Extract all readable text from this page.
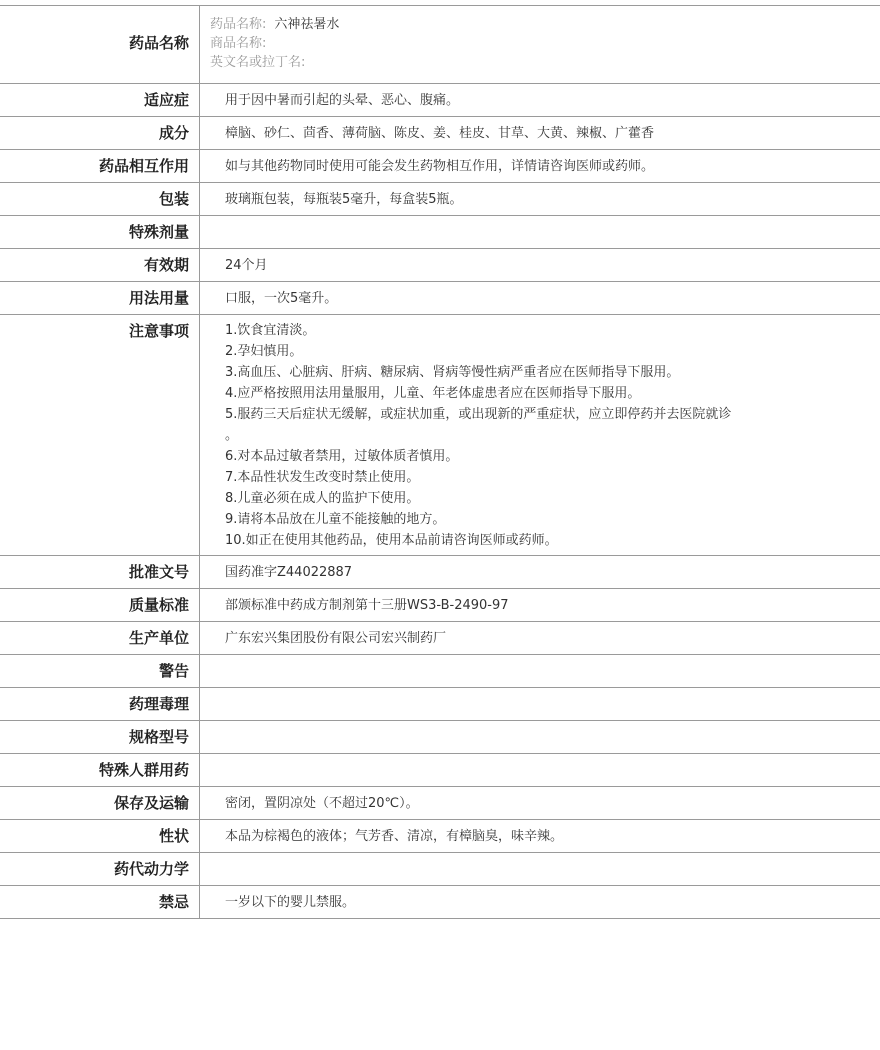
药品名称
药品名称: 六神祛暑水
商品名称:
英文名或拉丁名:
适应症	用于因中暑而引起的头晕、恶心、腹痛。
成分	樟脑、砂仁、茴香、薄荷脑、陈皮、姜、桂皮、甘草、大黄、辣椒、广藿香
药品相互作用	如与其他药物同时使用可能会发生药物相互作用，详情请咨询医师或药师。
包装	玻璃瓶包装，每瓶装5毫升，每盒装5瓶。
特殊剂量
有效期	24个月
用法用量	口服，一次5毫升。
注意事项	1.饮食宜清淡。
2.孕妇慎用。
3.高血压、心脏病、肝病、糖尿病、肾病等慢性病严重者应在医师指导下服用。
4.应严格按照用法用量服用，儿童、年老体虚患者应在医师指导下服用。
5.服药三天后症状无缓解，或症状加重，或出现新的严重症状，应立即停药并去医院就诊
。
6.对本品过敏者禁用，过敏体质者慎用。
7.本品性状发生改变时禁止使用。
8.儿童必须在成人的监护下使用。
9.请将本品放在儿童不能接触的地方。
10.如正在使用其他药品，使用本品前请咨询医师或药师。
批准文号	国药准字Z44022887
质量标准	部颁标准中药成方制剂第十三册WS3-B-2490-97
生产单位	广东宏兴集团股份有限公司宏兴制药厂
警告
药理毒理
规格型号
特殊人群用药
保存及运输	密闭，置阴凉处（不超过20℃）。
性状	本品为棕褐色的液体；气芳香、清凉，有樟脑臭，味辛辣。
药代动力学
禁忌	一岁以下的婴儿禁服。
